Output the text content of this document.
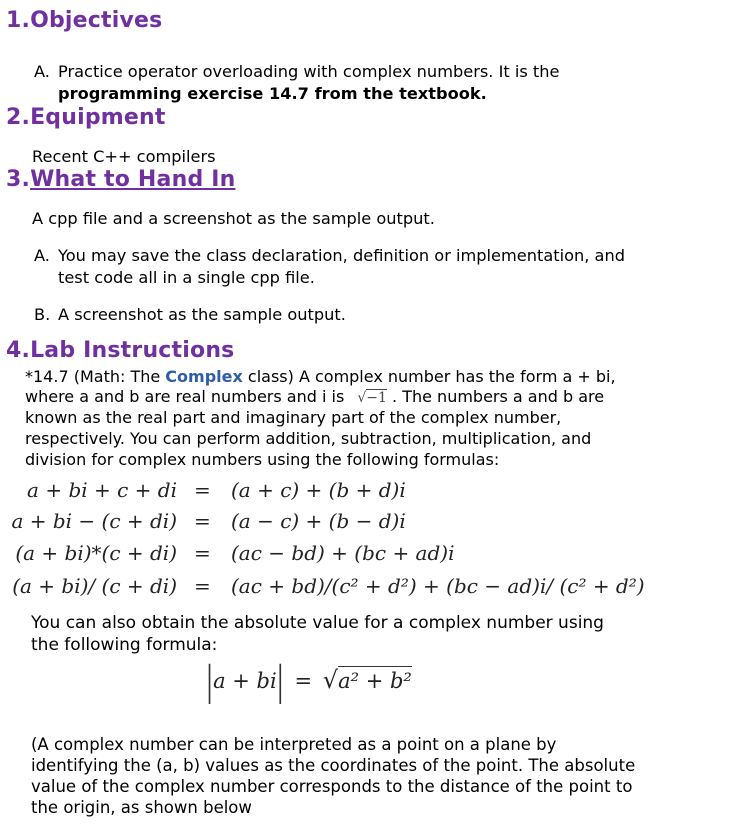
1.Objectives
A. Practice operator overloading with complex numbers. It is the
programming exercise 14.7 from the textbook.
2.Equipment
Recent C++ compilers
3.What to Hand In
A cpp file and a screenshot as the sample output.
A. You may save the class declaration, definition or implementation, and
test code all in a single cpp file.
B. A screenshot as the sample output.
4.Lab Instructions
*14.7 (Math: The Complex class) A complex number has the form a + bi,
where a and b are real numbers and i is √−1 . The numbers a and b are
known as the real part and imaginary part of the complex number,
respectively. You can perform addition, subtraction, multiplication, and
division for complex numbers using the following formulas:
a + bi + c + di = (a + c) + (b + d)i
a + bi − (c + di) = (a − c) + (b − d)i
(a + bi)*(c + di) = (ac − bd) + (bc + ad)i
(a + bi)/ (c + di) = (ac + bd)/(c² + d²) + (bc − ad)i/ (c² + d²)
You can also obtain the absolute value for a complex number using
the following formula:
|a + bi| = √a² + b²
(A complex number can be interpreted as a point on a plane by
identifying the (a, b) values as the coordinates of the point. The absolute
value of the complex number corresponds to the distance of the point to
the origin, as shown below
